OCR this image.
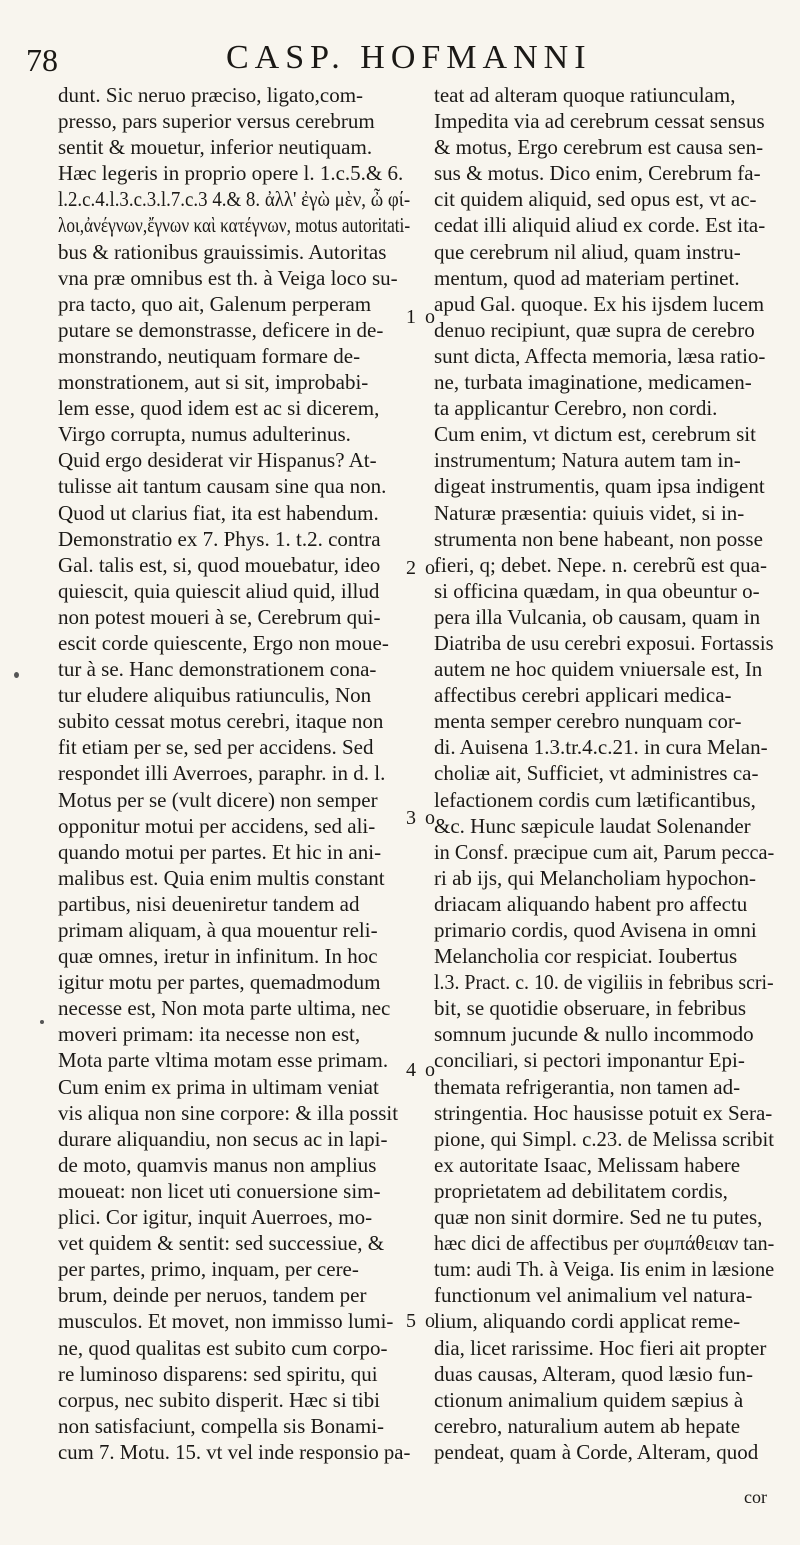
78	CASP. HOFMANNI
dunt. Sic neruo præciso, ligato,com-
presso, pars superior versus cerebrum
sentit & mouetur, inferior neutiquam.
Hæc legeris in proprio opere l. 1.c.5.& 6.
l.2.c.4.l.3.c.3.l.7.c.3 4.& 8. ἀλλ' ἐγὼ μὲν, ὦ φί-
λοι,ἀνέγνων,ἔγνων καὶ κατέγνων, motus autoritati-
bus & rationibus grauissimis. Autoritas
vna præ omnibus est th. à Veiga loco su-
pra tacto, quo ait, Galenum perperam
putare se demonstrasse, deficere in de-
monstrando, neutiquam formare de-
monstrationem, aut si sit, improbabi-
lem esse, quod idem est ac si dicerem,
Virgo corrupta, numus adulterinus.
Quid ergo desiderat vir Hispanus? At-
tulisse ait tantum causam sine qua non.
Quod ut clarius fiat, ita est habendum.
Demonstratio ex 7. Phys. 1. t.2. contra
Gal. talis est, si, quod mouebatur, ideo
quiescit, quia quiescit aliud quid, illud
non potest moueri à se, Cerebrum qui-
escit corde quiescente, Ergo non moue-
tur à se. Hanc demonstrationem cona-
tur eludere aliquibus ratiunculis, Non
subito cessat motus cerebri, itaque non
fit etiam per se, sed per accidens. Sed
respondet illi Averroes, paraphr. in d. l.
Motus per se (vult dicere) non semper
opponitur motui per accidens, sed ali-
quando motui per partes. Et hic in ani-
malibus est. Quia enim multis constant
partibus, nisi deueniretur tandem ad
primam aliquam, à qua mouentur reli-
quæ omnes, iretur in infinitum. In hoc
igitur motu per partes, quemadmodum
necesse est, Non mota parte ultima, nec
moveri primam: ita necesse non est,
Mota parte vltima motam esse primam.
Cum enim ex prima in ultimam veniat
vis aliqua non sine corpore: & illa possit
durare aliquandiu, non secus ac in lapi-
de moto, quamvis manus non amplius
moueat: non licet uti conuersione sim-
plici. Cor igitur, inquit Auerroes, mo-
vet quidem & sentit: sed successiue, &
per partes, primo, inquam, per cere-
brum, deinde per neruos, tandem per
musculos. Et movet, non immisso lumi-
ne, quod qualitas est subito cum corpo-
re luminoso disparens: sed spiritu, qui
corpus, nec subito disperit. Hæc si tibi
non satisfaciunt, compella sis Bonami-
cum 7. Motu. 15. vt vel inde responsio pa-
teat ad alteram quoque ratiunculam,
Impedita via ad cerebrum cessat sensus
& motus, Ergo cerebrum est causa sen-
sus & motus. Dico enim, Cerebrum fa-
cit quidem aliquid, sed opus est, vt ac-
cedat illi aliquid aliud ex corde. Est ita-
que cerebrum nil aliud, quam instru-
mentum, quod ad materiam pertinet.
apud Gal. quoque. Ex his ijsdem lucem
denuo recipiunt, quæ supra de cerebro
sunt dicta, Affecta memoria, læsa ratio-
ne, turbata imaginatione, medicamen-
ta applicantur Cerebro, non cordi.
Cum enim, vt dictum est, cerebrum sit
instrumentum; Natura autem tam in-
digeat instrumentis, quam ipsa indigent
Naturæ præsentia: quiuis videt, si in-
strumenta non bene habeant, non posse
fieri, q; debet. Nepe. n. cerebrũ est qua-
si officina quædam, in qua obeuntur o-
pera illa Vulcania, ob causam, quam in
Diatriba de usu cerebri exposui. Fortassis
autem ne hoc quidem vniuersale est, In
affectibus cerebri applicari medica-
menta semper cerebro nunquam cor-
di. Auisena 1.3.tr.4.c.21. in cura Melan-
choliæ ait, Sufficiet, vt administres ca-
lefactionem cordis cum lætificantibus,
&c. Hunc sæpicule laudat Solenander
in Consf. præcipue cum ait, Parum pecca-
ri ab ijs, qui Melancholiam hypochon-
driacam aliquando habent pro affectu
primario cordis, quod Avisena in omni
Melancholia cor respiciat. Ioubertus
l.3. Pract. c. 10. de vigiliis in febribus scri-
bit, se quotidie obseruare, in febribus
somnum jucunde & nullo incommodo
conciliari, si pectori imponantur Epi-
themata refrigerantia, non tamen ad-
stringentia. Hoc hausisse potuit ex Sera-
pione, qui Simpl. c.23. de Melissa scribit
ex autoritate Isaac, Melissam habere
proprietatem ad debilitatem cordis,
quæ non sinit dormire. Sed ne tu putes,
hæc dici de affectibus per συμπάθειαν tan-
tum: audi Th. à Veiga. Iis enim in læsione
functionum vel animalium vel natura-
lium, aliquando cordi applicat reme-
dia, licet rarissime. Hoc fieri ait propter
duas causas, Alteram, quod læsio fun-
ctionum animalium quidem sæpius à
cerebro, naturalium autem ab hepate
pendeat, quam à Corde, Alteram, quod
1 o
2 o
3 o
4 o
5 o
cor
